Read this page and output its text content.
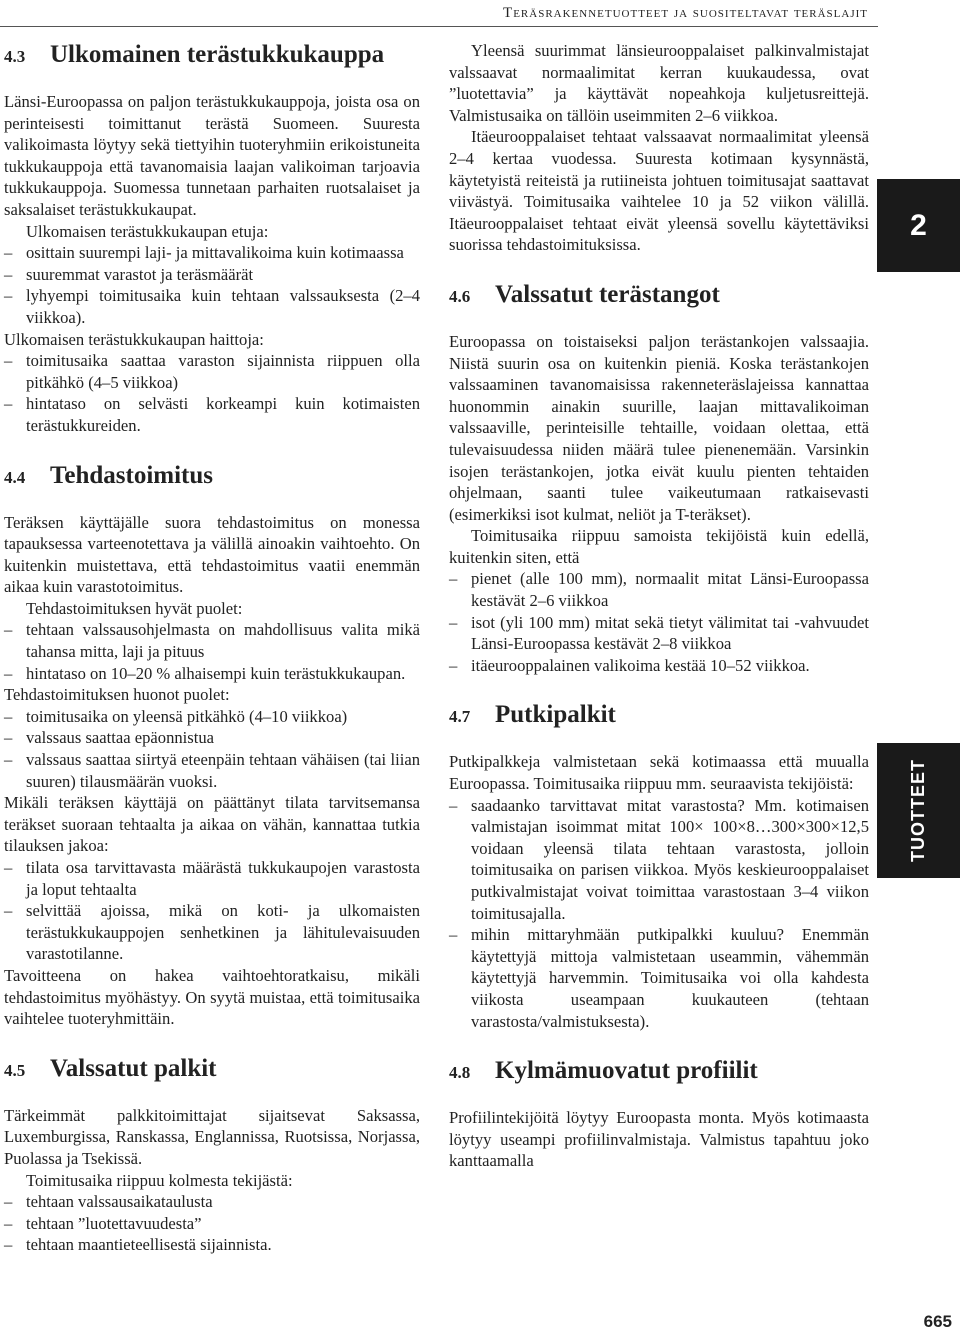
Teräsrakennetuotteet ja suositeltavat teräslajit
4.3 Ulkomainen terästukkukauppa

Länsi-Euroopassa on paljon terästukkukauppoja, joista osa on perinteisesti toimittanut terästä Suomeen. Suuresta valikoimasta löytyy sekä tiettyihin tuoteryhmiin erikoistuneita tukkukauppoja että tavanomaisia laajan valikoiman tarjoavia tukkukauppoja. Suomessa tunnetaan parhaiten ruotsalaiset ja saksalaiset terästukkukaupat.

Ulkomaisen terästukkukaupan etuja:

– osittain suurempi laji- ja mittavalikoima kuin kotimaassa
– suuremmat varastot ja teräsmäärät
– lyhyempi toimitusaika kuin tehtaan valssauksesta (2–4 viikkoa).

Ulkomaisen terästukkukaupan haittoja:

– toimitusaika saattaa varaston sijainnista riippuen olla pitkähkö (4–5 viikkoa)
– hintataso on selvästi korkeampi kuin kotimaisten terästukkureiden.
4.4 Tehdastoimitus

Teräksen käyttäjälle suora tehdastoimitus on monessa tapauksessa varteenotettava ja välillä ainoakin vaihtoehto. On kuitenkin muistettava, että tehdastoimitus vaatii enemmän aikaa kuin varastotoimitus.

Tehdastoimituksen hyvät puolet:

– tehtaan valssausohjelmasta on mahdollisuus valita mikä tahansa mitta, laji ja pituus
– hintataso on 10–20 % alhaisempi kuin terästukkukaupan.

Tehdastoimituksen huonot puolet:

– toimitusaika on yleensä pitkähkö (4–10 viikkoa)
– valssaus saattaa epäonnistua
– valssaus saattaa siirtyä eteenpäin tehtaan vähäisen (tai liian suuren) tilausmäärän vuoksi.

Mikäli teräksen käyttäjä on päättänyt tilata tarvitsemansa teräkset suoraan tehtaalta ja aikaa on vähän, kannattaa tutkia tilauksen jakoa:

– tilata osa tarvittavasta määrästä tukkukaupojen varastosta ja loput tehtaalta
– selvittää ajoissa, mikä on koti- ja ulkomaisten terästukkukauppojen senhetkinen ja lähitulevaisuuden varastotilanne.

Tavoitteena on hakea vaihtoehtoratkaisu, mikäli tehdastoimitus myöhästyy. On syytä muistaa, että toimitusaika vaihtelee tuoteryhmittäin.

4.5 Valssatut palkit

Tärkeimmät palkkitoimittajat sijaitsevat Saksassa, Luxemburgissa, Ranskassa, Englannissa, Ruotsissa, Norjassa, Puolassa ja Tsekissä.

Toimitusaika riippuu kolmesta tekijästä:

– tehtaan valssausaikataulusta
– tehtaan ”luotettavuudesta”
– tehtaan maantieteellisestä sijainnista.

Yleensä suurimmat länsieurooppalaiset palkinvalmistajat valssaavat normaalimitat kerran kuukaudessa, ovat ”luotettavia” ja käyttävät nopeahkoja kuljetusreittejä. Valmistusaika on tällöin useimmiten 2–6 viikkoa.

Itäeurooppalaiset tehtaat valssaavat normaalimitat yleensä 2–4 kertaa vuodessa. Suuresta kotimaan kysynnästä, käytetyistä reiteistä ja rutiineista johtuen toimitusajat saattavat viivästyä. Toimitusaika vaihtelee 10 ja 52 viikon välillä. Itäeurooppalaiset tehtaat eivät yleensä sovellu käytettäviksi suorissa tehdastoimituksissa.

4.6 Valssatut terästangot

Euroopassa on toistaiseksi paljon terästankojen valssaajia. Niistä suurin osa on kuitenkin pieniä. Koska terästankojen valssaaminen tavanomaisissa rakenneteräslajeissa kannattaa huonommin ainakin suurille, laajan mittavalikoiman valssaaville, perinteisille tehtaille, voidaan olettaa, että tulevaisuudessa niiden määrä tulee pienenemään. Varsinkin isojen terästankojen, jotka eivät kuulu pienten tehtaiden ohjelmaan, saanti tulee vaikeutumaan ratkaisevasti (esimerkiksi isot kulmat, neliöt ja T-teräkset).

Toimitusaika riippuu samoista tekijöistä kuin edellä, kuitenkin siten, että

– pienet (alle 100 mm), normaalit mitat Länsi-Euroopassa kestävät 2–6 viikkoa
– isot (yli 100 mm) mitat sekä tietyt välimitat tai -vahvuudet Länsi-Euroopassa kestävät 2–8 viikkoa
– itäeurooppalainen valikoima kestää 10–52 viikkoa.
4.7 Putkipalkit

Putkipalkkeja valmistetaan sekä kotimaassa että muualla Euroopassa. Toimitusaika riippuu mm. seuraavista tekijöistä:

– saadaanko tarvittavat mitat varastosta? Mm. kotimaisen valmistajan isoimmat mitat 100× 100×8…300×300×12,5 voidaan yleensä tilata tehtaan varastosta, jolloin toimitusaika on parisen viikkoa. Myös keskieurooppalaiset putkivalmistajat voivat toimittaa varastostaan 3–4 viikon toimitusajalla.
– mihin mittaryhmään putkipalkki kuuluu? Enemmän käytettyjä mittoja valmistetaan useammin, vähemmän käytettyjä harvemmin. Toimitusaika voi olla kahdesta viikosta useampaan kuukauteen (tehtaan varastosta/valmistuksesta).
4.8 Kylmämuovatut profiilit

Profiilintekijöitä löytyy Euroopasta monta. Myös kotimaasta löytyy useampi profiilinvalmistaja. Valmistus tapahtuu joko kanttaamalla

2
TUOTTEET
665
